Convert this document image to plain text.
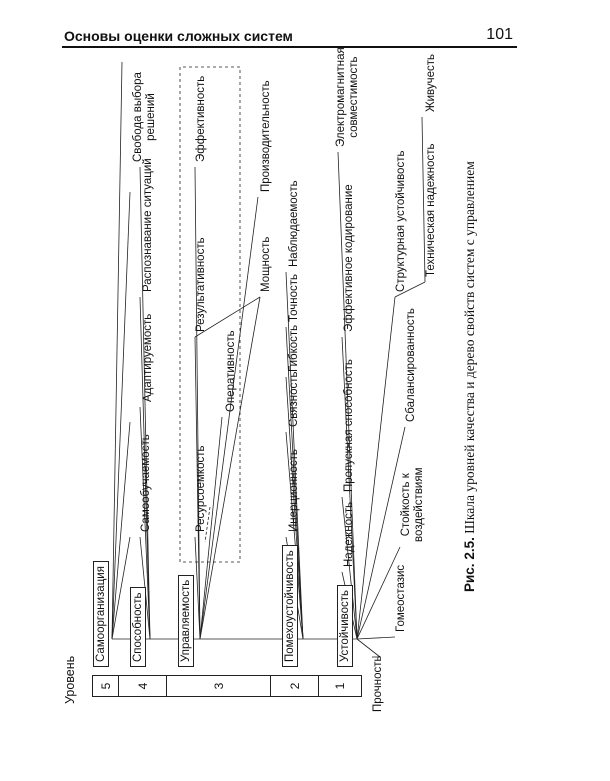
Основы оценки сложных систем	101
Уровень	5	4	3	2	1
Самоорганизация Способность	Управляемость	Помехоустойчивость	Устойчивость
Самообучаемость
Адаптируемость
Распознавание ситуаций
Свобода выбора решений
Ресурсоемкость
Оперативность
Результативность	Мощность
Производительность
Эффективность
Инерционность
Связность
Гибкость
Точность
Наблюдаемость
Надежность
Пропускная способность
Эффективное кодирование
Электромагнитная совместимость
Прочность
Гомеостазис
Стойкость к воздействиям
Сбалансированность
Структурная устойчивость Техническая надежность
Живучесть
Рис. 2.5. Шкала уровней качества и дерево свойств систем с управлением
